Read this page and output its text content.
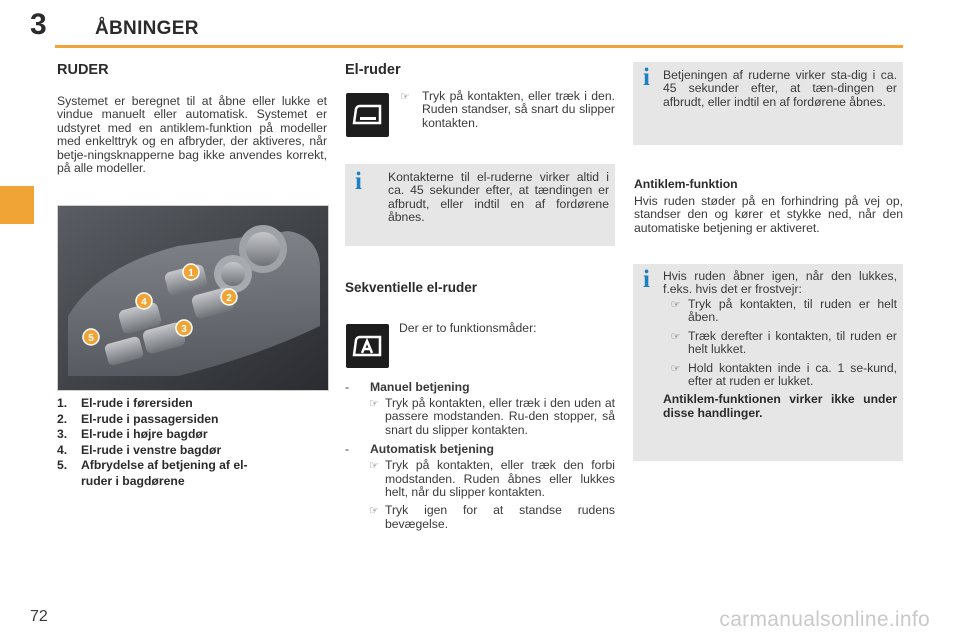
3	ÅBNINGER
RUDER

Systemet er beregnet til at åbne eller lukke et vindue manuelt eller automatisk. Systemet er udstyret med en antiklem-funktion på modeller med enkelttryk og en afbryder, der aktiveres, når betje-ningsknapperne bag ikke anvendes korrekt, på alle modeller.

1
2
3
4
5
1.	El-rude i førersiden
2.	El-rude i passagersiden
3.	El-rude i højre bagdør
4.	El-rude i venstre bagdør
5.	Afbrydelse af betjening af el-ruder i bagdørene
El-ruder
☞ Tryk på kontakten, eller træk i den. Ruden standser, så snart du slipper kontakten.
i Kontakterne til el-ruderne virker altid i ca. 45 sekunder efter, at tændingen er afbrudt, eller indtil en af fordørene åbnes.

Sekventielle el-ruder

Der er to funktionsmåder:

-	Manuel betjening
☞ Tryk på kontakten, eller træk i den uden at passere modstanden. Ru-den stopper, så snart du slipper kontakten.
-	Automatisk betjening
☞ Tryk på kontakten, eller træk den forbi modstanden. Ruden åbnes eller lukkes helt, når du slipper kontakten.
☞ Tryk igen for at standse rudens bevægelse.
i Betjeningen af ruderne virker sta-dig i ca. 45 sekunder efter, at tæn-dingen er afbrudt, eller indtil en af fordørene åbnes.

Antiklem-funktion

Hvis ruden støder på en forhindring på vej op, standser den og kører et stykke ned, når den automatiske betjening er aktiveret.

i Hvis ruden åbner igen, når den lukkes, f.eks. hvis det er frostvejr:

☞ Tryk på kontakten, til ruden er helt åben.
☞ Træk derefter i kontakten, til ruden er helt lukket.
☞ Hold kontakten inde i ca. 1 se-kund, efter at ruden er lukket.

Antiklem-funktionen virker ikke under disse handlinger.

72	carmanualsonline.info
